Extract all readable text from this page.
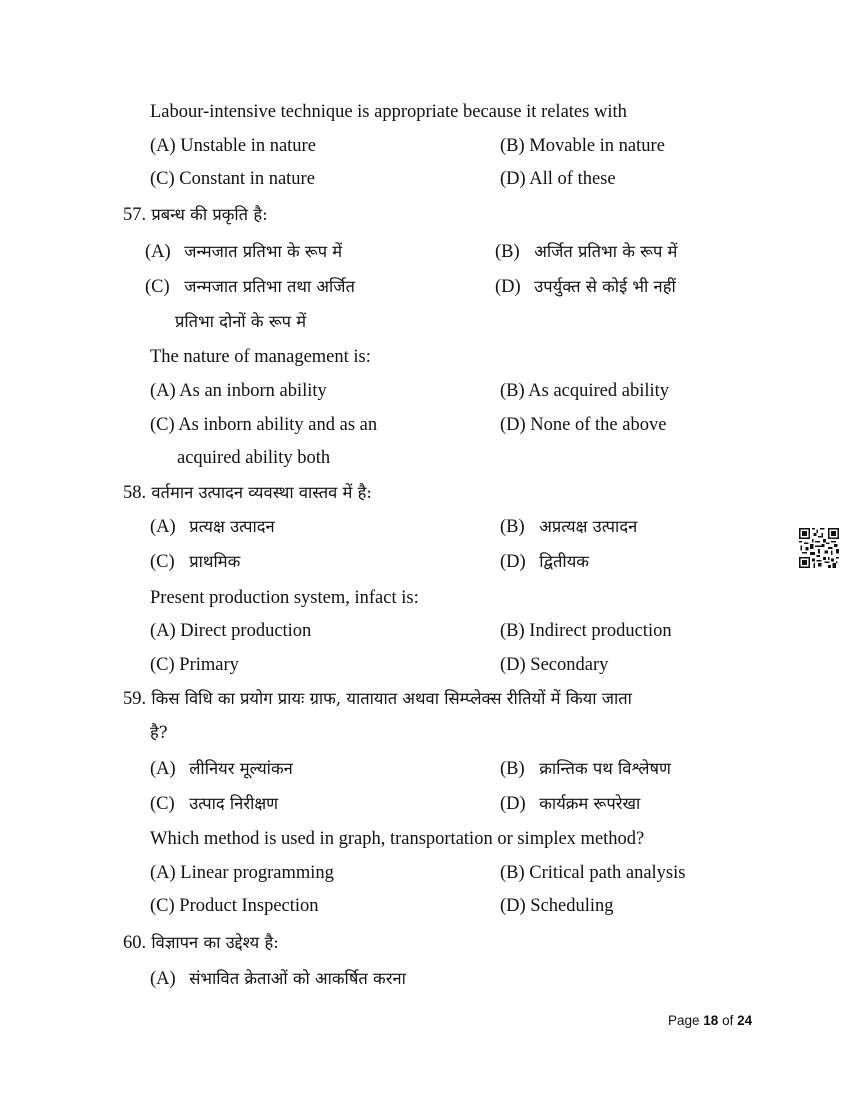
Labour-intensive technique is appropriate because it relates with
(A) Unstable in nature	(B) Movable in nature
(C) Constant in nature	(D) All of these
57. प्रबन्ध की प्रकृति है:
(A) जन्मजात प्रतिभा के रूप में	(B) अर्जित प्रतिभा के रूप में
(C) जन्मजात प्रतिभा तथा अर्जित
प्रतिभा दोनों के रूप में
(D) उपर्युक्त से कोई भी नहीं
The nature of management is:
(A) As an inborn ability	(B) As acquired ability
(C) As inborn ability and as an
acquired ability both
(D) None of the above
58. वर्तमान उत्पादन व्यवस्था वास्तव में है:
(A) प्रत्यक्ष उत्पादन	(B) अप्रत्यक्ष उत्पादन
(C) प्राथमिक	(D) द्वितीयक
Present production system, infact is:
(A) Direct production	(B) Indirect production
(C) Primary	(D) Secondary
59. किस विधि का प्रयोग प्रायः ग्राफ, यातायात अथवा सिम्प्लेक्स रीतियों में किया जाता
है?
(A) लीनियर मूल्यांकन	(B) क्रान्तिक पथ विश्लेषण
(C) उत्पाद निरीक्षण	(D) कार्यक्रम रूपरेखा
Which method is used in graph, transportation or simplex method?
(A) Linear programming	(B) Critical path analysis
(C) Product Inspection	(D) Scheduling
60. विज्ञापन का उद्देश्य है:
(A) संभावित क्रेताओं को आकर्षित करना
Page 18 of 24
